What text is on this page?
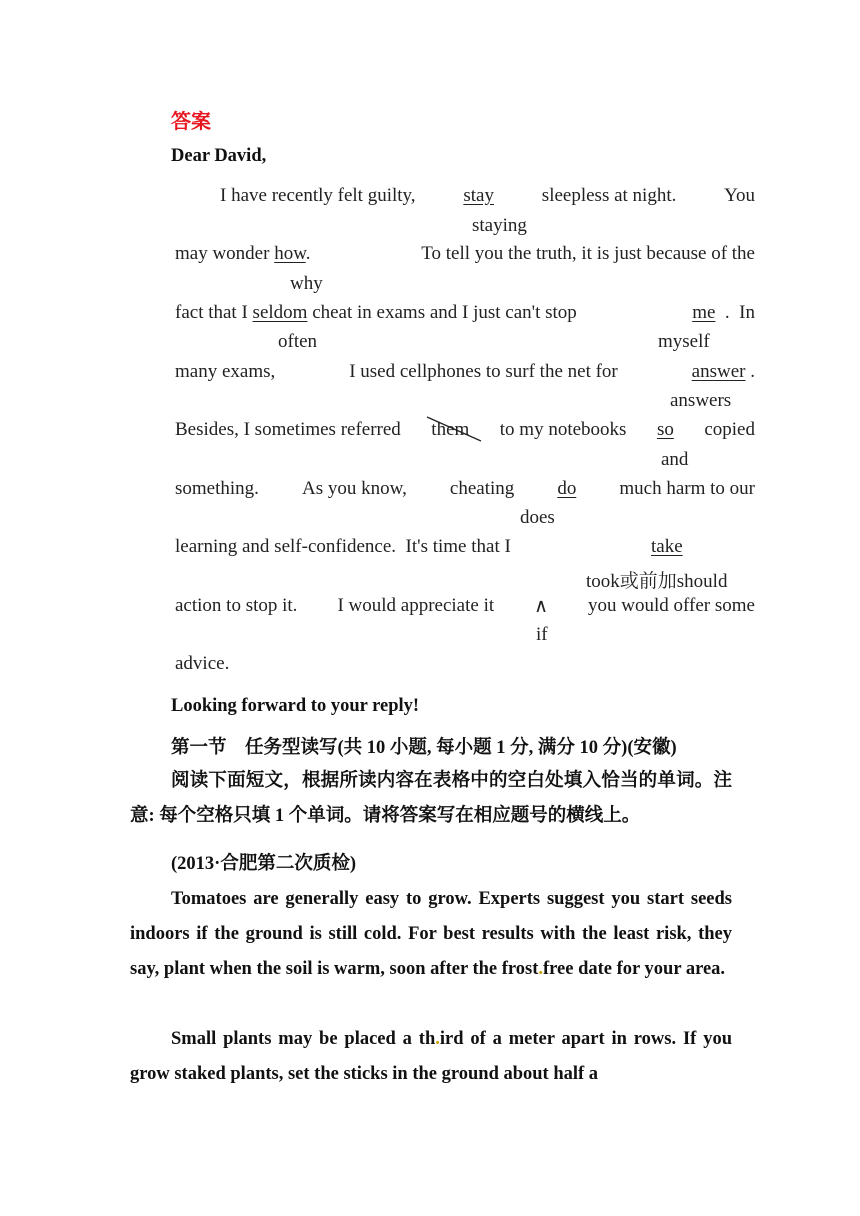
答案
Dear David,
I have recently felt guilty,	stay	sleepless at night.	You
staying
may wonder how.	To tell you the truth, it is just because of the
why
fact that I seldom cheat in exams and I just can't stop	me . In
often	myself
many exams,	I used cellphones to surf the net for	answer .
answers
Besides, I sometimes referred them to my notebooks so copied
and
something. As you know, cheating do much harm to our
does
learning and self-confidence. It's time that I	take
took或前加should
action to stop it. I would appreciate it ∧ you would offer some
if
advice.
Looking forward to your reply!
第一节　任务型读写(共 10 小题, 每小题 1 分, 满分 10 分)(安徽)
阅读下面短文，根据所读内容在表格中的空白处填入恰当的单词。注意: 每个空格只填 1 个单词。请将答案写在相应题号的横线上。
(2013·合肥第二次质检)
Tomatoes are generally easy to grow. Experts suggest you start seeds indoors if the ground is still cold. For best results with the least risk, they say, plant when the soil is warm, soon after the frost.free date for your area.
Small plants may be placed a th.ird of a meter apart in rows. If you grow staked plants, set the sticks in the ground about half a
